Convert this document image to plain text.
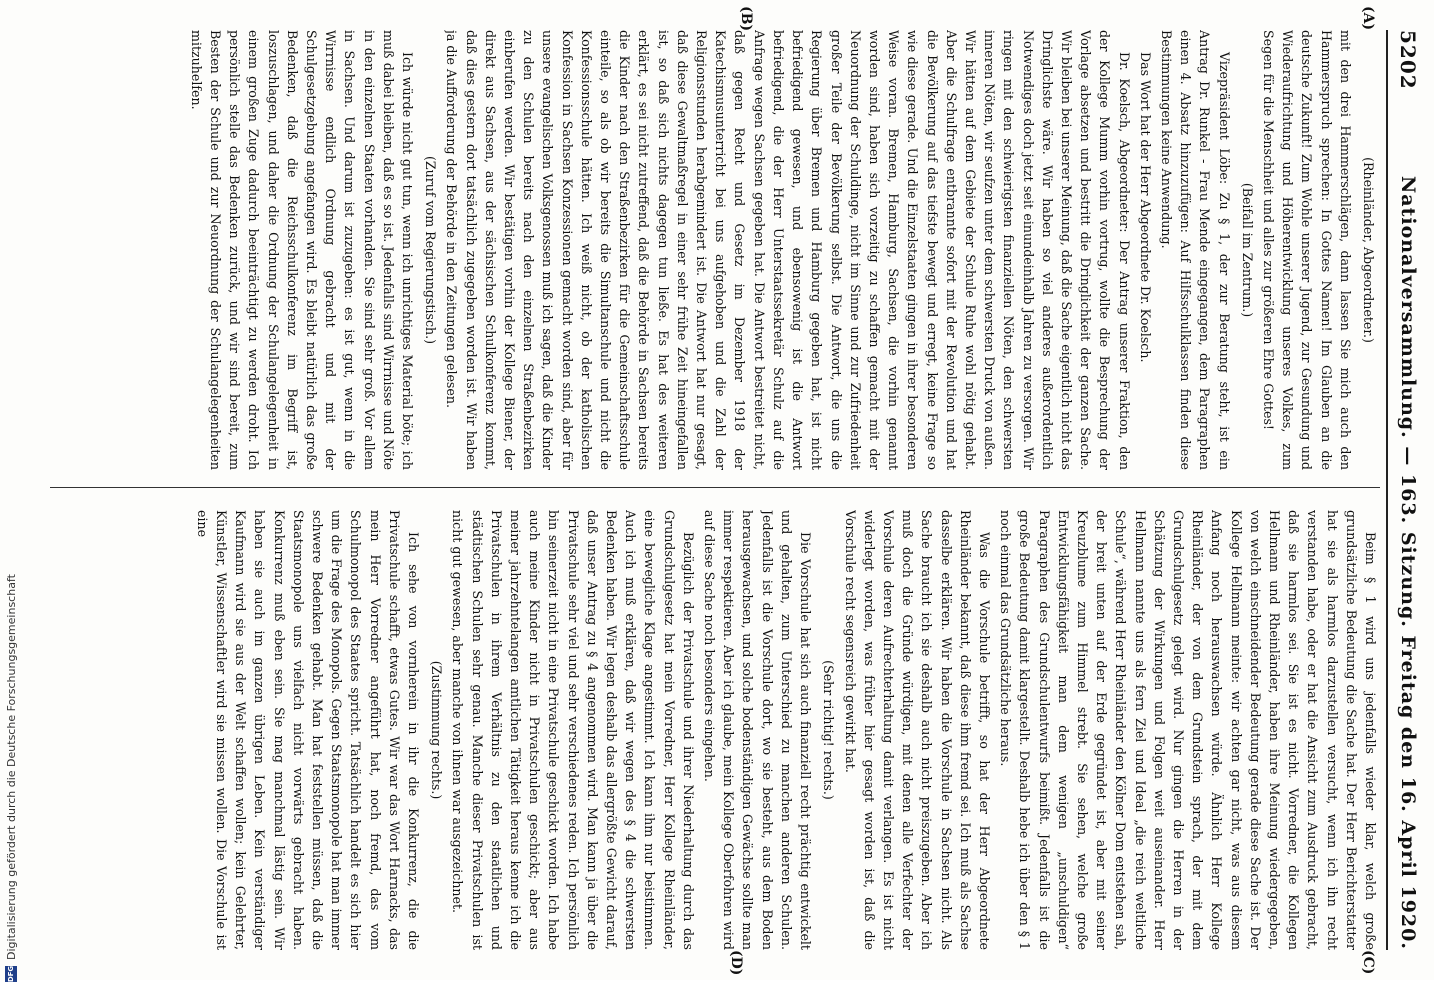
5202
Nationalversammlung. — 163. Sitzung. Freitag den 16. April 1920.
(A)
(B)
(C)
(D)

(Rheinländer, Abgeordneter.)

mit den drei Hammerschlägen, dann lassen Sie mich auch den Hammerspruch sprechen: In Gottes Namen! Im Glauben an die deutsche Zukunft! Zum Wohle unserer Jugend, zur Gesundung und Wiederaufrichtung und Höherentwicklung unseres Volkes, zum Segen für die Menschheit und alles zur größeren Ehre Gottes!

(Beifall im Zentrum.)

Vizepräsident Löbe: Zu § 1, der zur Beratung steht, ist ein Antrag Dr. Runkel - Frau Mende eingegangen, dem Paragraphen einen 4. Absatz hinzuzufügen: Auf Hilfsschulklassen finden diese Bestimmungen keine Anwendung.

Das Wort hat der Herr Abgeordnete Dr. Koelsch.

Dr. Koelsch, Abgeordneter: Der Antrag unserer Fraktion, den der Kollege Mumm vorhin vortrug, wollte die Besprechung der Vorlage absetzen und bestritt die Dringlichkeit der ganzen Sache. Wir bleiben bei unserer Meinung, daß die Sache eigentlich nicht das Dringlichste wäre. Wir haben so viel anderes außerordentlich Notwendiges doch jetzt seit einundeinhalb Jahren zu versorgen. Wir ringen mit den schwierigsten finanziellen Nöten, den schwersten inneren Nöten, wir seufzen unter dem schwersten Druck von außen. Wir hätten auf dem Gebiete der Schule Ruhe wohl nötig gehabt. Aber die Schulfrage entbrannte sofort mit der Revolution und hat die Bevölkerung auf das tiefste bewegt und erregt, keine Frage so wie diese gerade. Und die Einzelstaaten gingen in ihrer besonderen Weise voran. Bremen, Hamburg, Sachsen, die vorhin genannt worden sind, haben sich vorzeitig zu schaffen gemacht mit der Neuordnung der Schuldinge, nicht im Sinne und zur Zufriedenheit großer Teile der Bevölkerung selbst. Die Antwort, die uns die Regierung über Bremen und Hamburg gegeben hat, ist nicht befriedigend gewesen, und ebensowenig ist die Antwort befriedigend, die der Herr Unterstaatssekretär Schulz auf die Anfrage wegen Sachsen gegeben hat. Die Antwort bestreitet nicht, daß gegen Recht und Gesetz im Dezember 1918 der Katechismusunterricht bei uns aufgehoben und die Zahl der Religionsstunden herabgemindert ist. Die Antwort hat nur gesagt, daß diese Gewaltmaßregel in einer sehr frühe Zeit hineingefallen ist, so daß sich nichts dagegen tun ließe. Es hat des weiteren erklärt, es sei nicht zutreffend, daß die Behörde in Sachsen bereits die Kinder nach den Straßenbezirken für die Gemeinschaftsschule einteile, so als ob wir bereits die Simultanschule und nicht die Konfessionsschule hätten. Ich weiß nicht, ob der katholischen Konfession in Sachsen Konzessionen gemacht worden sind, aber für unsere evangelischen Volksgenossen muß ich sagen, daß die Kinder zu den Schulen bereits nach den einzelnen Straßenbezirken einberufen werden. Wir bestätigen vorhin der Kollege Biener, der direkt aus Sachsen, aus der sächsischen Schulkonferenz kommt, daß dies gestern dort tatsächlich zugegeben worden ist. Wir haben ja die Aufforderung der Behörde in den Zeitungen gelesen.

(Zuruf vom Regierungstisch.)

Ich würde nicht gut tun, wenn ich unrichtiges Material böte; ich muß dabei bleiben, daß es so ist. Jedenfalls sind Wirrnisse und Nöte in den einzelnen Staaten vorhanden. Sie sind sehr groß. Vor allem in Sachsen. Und darum ist zuzugeben: es ist gut, wenn in die Wirrnisse endlich Ordnung gebracht und mit der Schulgesetzgebung angefangen wird. Es bleibt natürlich das große Bedenken, daß die Reichsschulkonferenz im Begriff ist, loszuschlagen, und daher die Ordnung der Schulangelegenheit in einem großen Zuge dadurch beeinträchtigt zu werden droht. Ich persönlich stelle das Bedenken zurück, und wir sind bereit, zum Besten der Schule und zur Neuordnung der Schulangelegenheiten mitzuhelfen.

Beim § 1 wird uns jedenfalls wieder klar, welch große grundsätzliche Bedeutung die Sache hat. Der Herr Berichterstatter hat sie als harmlos darzustellen versucht, wenn ich ihn recht verstanden habe, oder er hat die Ansicht zum Ausdruck gebracht, daß sie harmlos sei. Sie ist es nicht. Vorredner, die Kollegen Hellmann und Rheinländer, haben ihre Meinung wiedergegeben, von welch einschneidender Bedeutung gerade diese Sache ist. Der Kollege Hellmann meinte: wir achten gar nicht, was aus diesem Anfang noch herauswachsen würde. Ähnlich Herr Kollege Rheinländer, der von dem Grundstein sprach, der mit dem Grundschulgesetz gelegt wird. Nur gingen die Herren in der Schätzung der Wirkungen und Folgen weit auseinander. Herr Hellmann nannte uns als fern Ziel und Ideal „die reich weltliche Schule“, während Herr Rheinländer den Kölner Dom entstehen sah, der breit unten auf der Erde gegründet ist, aber mit seiner Kreuzblume zum Himmel strebt. Sie sehen, welche große Entwicklungsfähigkeit man dem wenigen „unschuldigen“ Paragraphen des Grundschulentwurfs beimißt. Jedenfalls ist die große Bedeutung damit klargestellt. Deshalb hebe ich über den § 1 noch einmal das Grundsätzliche heraus.

Was die Vorschule betrifft, so hat der Herr Abgeordnete Rheinländer bekannt, daß diese ihm fremd sei. Ich muß als Sachse dasselbe erklären. Wir haben die Vorschule in Sachsen nicht. Als Sache braucht ich sie deshalb auch nicht preiszugeben. Aber ich muß doch die Gründe würdigen, mit denen alle Verfechter der Vorschule deren Aufrechterhaltung damit verlangen. Es ist nicht widerlegt worden, was früher hier gesagt worden ist, daß die Vorschule recht segensreich gewirkt hat.

(Sehr richtig! rechts.)

Die Vorschule hat sich auch finanziell recht prächtig entwickelt und gehalten, zum Unterschied zu manchen anderen Schulen. Jedenfalls ist die Vorschule dort, wo sie besteht, aus dem Boden herausgewachsen, und solche bodenständigen Gewächse sollte man immer respektieren. Aber ich glaube, mein Kollege Oberfohren wird auf diese Sache noch besonders eingehen.

Bezüglich der Privatschule und ihrer Niederhaltung durch das Grundschulgesetz hat mein Vorredner, Herr Kollege Rheinländer, eine bewegliche Klage angestimmt. Ich kann ihm nur beistimmen. Auch ich muß erklären, daß wir wegen des § 4 die schwersten Bedenken haben. Wir legen deshalb das allergrößte Gewicht darauf, daß unser Antrag zu § 4 angenommen wird. Man kann ja über die Privatschule sehr viel und sehr verschiedenes reden. Ich persönlich bin seinerzeit nicht in eine Privatschule geschickt worden. Ich habe auch meine Kinder nicht in Privatschulen geschickt; aber aus meiner jahrzehntelangen amtlichen Tätigkeit heraus kenne ich die Privatschulen in ihrem Verhältnis zu den staatlichen und städtischen Schulen sehr genau. Manche dieser Privatschulen ist nicht gut gewesen, aber manche von ihnen war ausgezeichnet.

(Zustimmung rechts.)

Ich sehe von vornherein in ihr die Konkurrenz, die die Privatschule schafft, etwas Gutes. Wir war das Wort Harnacks, das mein Herr Vorredner angeführt hat, noch fremd, das vom Schulmonopol des Staates spricht. Tatsächlich handelt es sich hier um die Frage des Monopols. Gegen Staatsmonopole hat man immer schwere Bedenken gehabt. Man hat feststellen müssen, daß die Staatsmonopole uns vielfach nicht vorwärts gebracht haben. Konkurrenz muß eben sein. Sie mag manchmal lästig sein. Wir haben sie auch im ganzen übrigen Leben. Kein verständiger Kaufmann wird sie aus der Welt schaffen wollen; kein Gelehrter, Künstler, Wissenschaftler wird sie missen wollen. Die Vorschule ist eine

DFG
Digitalisierung gefördert durch die Deutsche Forschungsgemeinschaft
